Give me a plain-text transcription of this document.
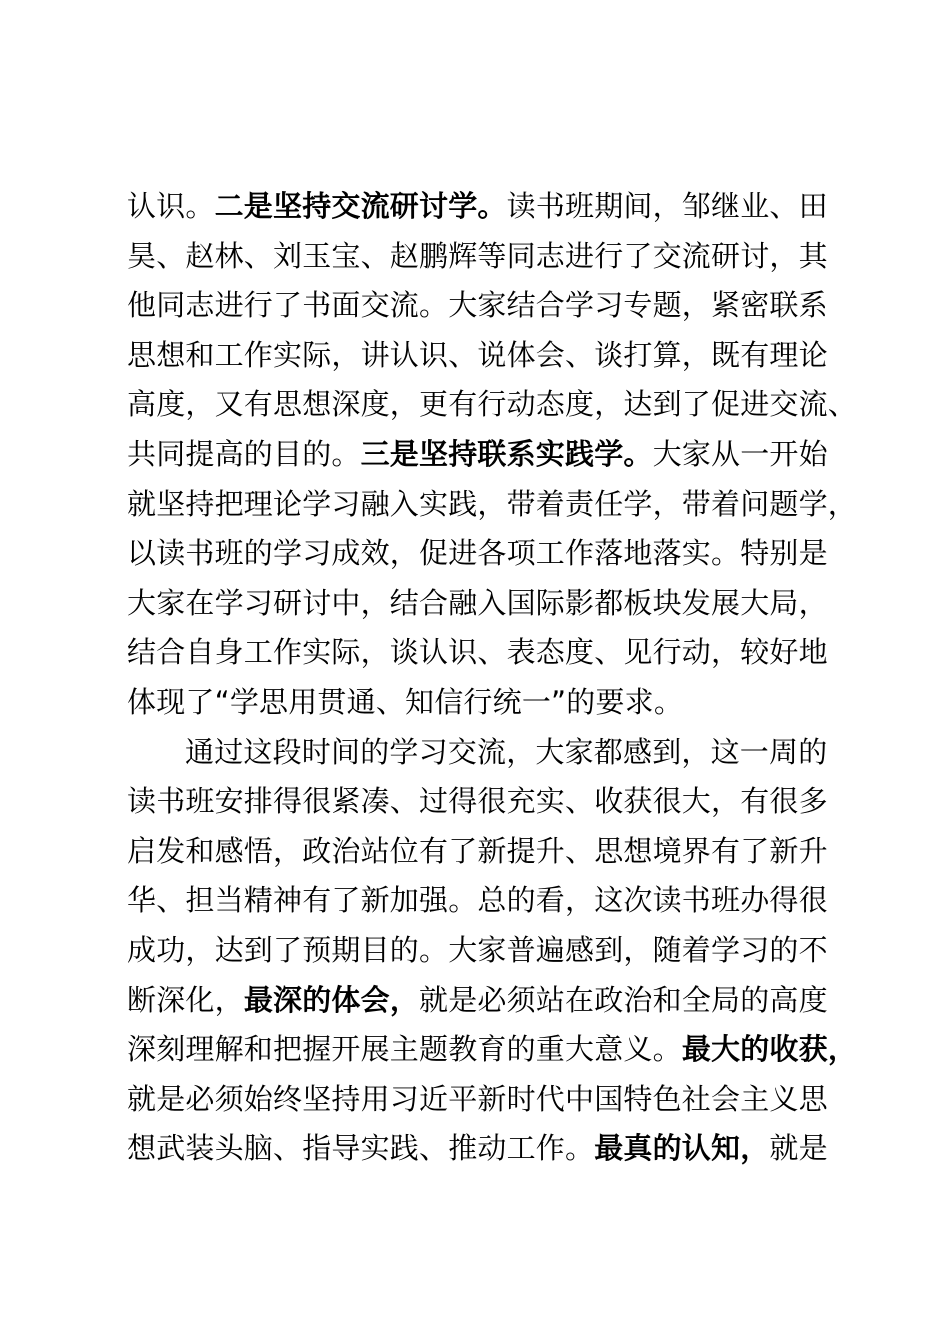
认识。二是坚持交流研讨学。读书班期间，邹继业、田
昊、赵林、刘玉宝、赵鹏辉等同志进行了交流研讨，其
他同志进行了书面交流。大家结合学习专题，紧密联系
思想和工作实际，讲认识、说体会、谈打算，既有理论
高度，又有思想深度，更有行动态度，达到了促进交流、
共同提高的目的。三是坚持联系实践学。大家从一开始
就坚持把理论学习融入实践，带着责任学，带着问题学，
以读书班的学习成效，促进各项工作落地落实。特别是
大家在学习研讨中，结合融入国际影都板块发展大局，
结合自身工作实际，谈认识、表态度、见行动，较好地
体现了“学思用贯通、知信行统一”的要求。
通过这段时间的学习交流，大家都感到，这一周的
读书班安排得很紧凑、过得很充实、收获很大，有很多
启发和感悟，政治站位有了新提升、思想境界有了新升
华、担当精神有了新加强。总的看，这次读书班办得很
成功，达到了预期目的。大家普遍感到，随着学习的不
断深化，最深的体会，就是必须站在政治和全局的高度
深刻理解和把握开展主题教育的重大意义。最大的收获，
就是必须始终坚持用习近平新时代中国特色社会主义思
想武装头脑、指导实践、推动工作。最真的认知，就是
